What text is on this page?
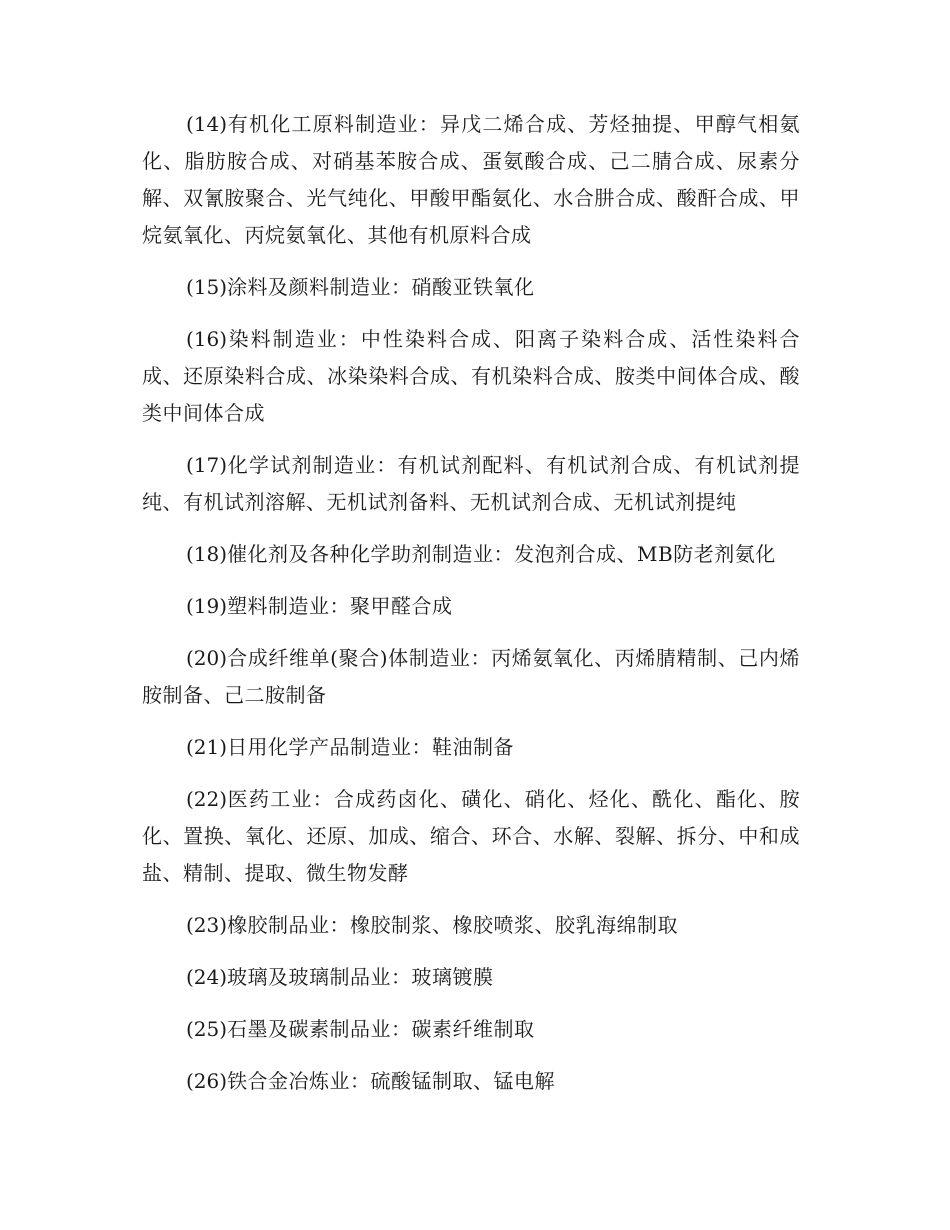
(14)有机化工原料制造业：异戊二烯合成、芳烃抽提、甲醇气相氨化、脂肪胺合成、对硝基苯胺合成、蛋氨酸合成、己二腈合成、尿素分解、双氰胺聚合、光气纯化、甲酸甲酯氨化、水合肼合成、酸酐合成、甲烷氨氧化、丙烷氨氧化、其他有机原料合成

(15)涂料及颜料制造业：硝酸亚铁氧化

(16)染料制造业：中性染料合成、阳离子染料合成、活性染料合成、还原染料合成、冰染染料合成、有机染料合成、胺类中间体合成、酸类中间体合成

(17)化学试剂制造业：有机试剂配料、有机试剂合成、有机试剂提纯、有机试剂溶解、无机试剂备料、无机试剂合成、无机试剂提纯

(18)催化剂及各种化学助剂制造业：发泡剂合成、MB防老剂氨化

(19)塑料制造业：聚甲醛合成

(20)合成纤维单(聚合)体制造业：丙烯氨氧化、丙烯腈精制、己内烯胺制备、己二胺制备

(21)日用化学产品制造业：鞋油制备

(22)医药工业：合成药卤化、磺化、硝化、烃化、酰化、酯化、胺化、置换、氧化、还原、加成、缩合、环合、水解、裂解、拆分、中和成盐、精制、提取、微生物发酵

(23)橡胶制品业：橡胶制浆、橡胶喷浆、胶乳海绵制取

(24)玻璃及玻璃制品业：玻璃镀膜

(25)石墨及碳素制品业：碳素纤维制取

(26)铁合金冶炼业：硫酸锰制取、锰电解
